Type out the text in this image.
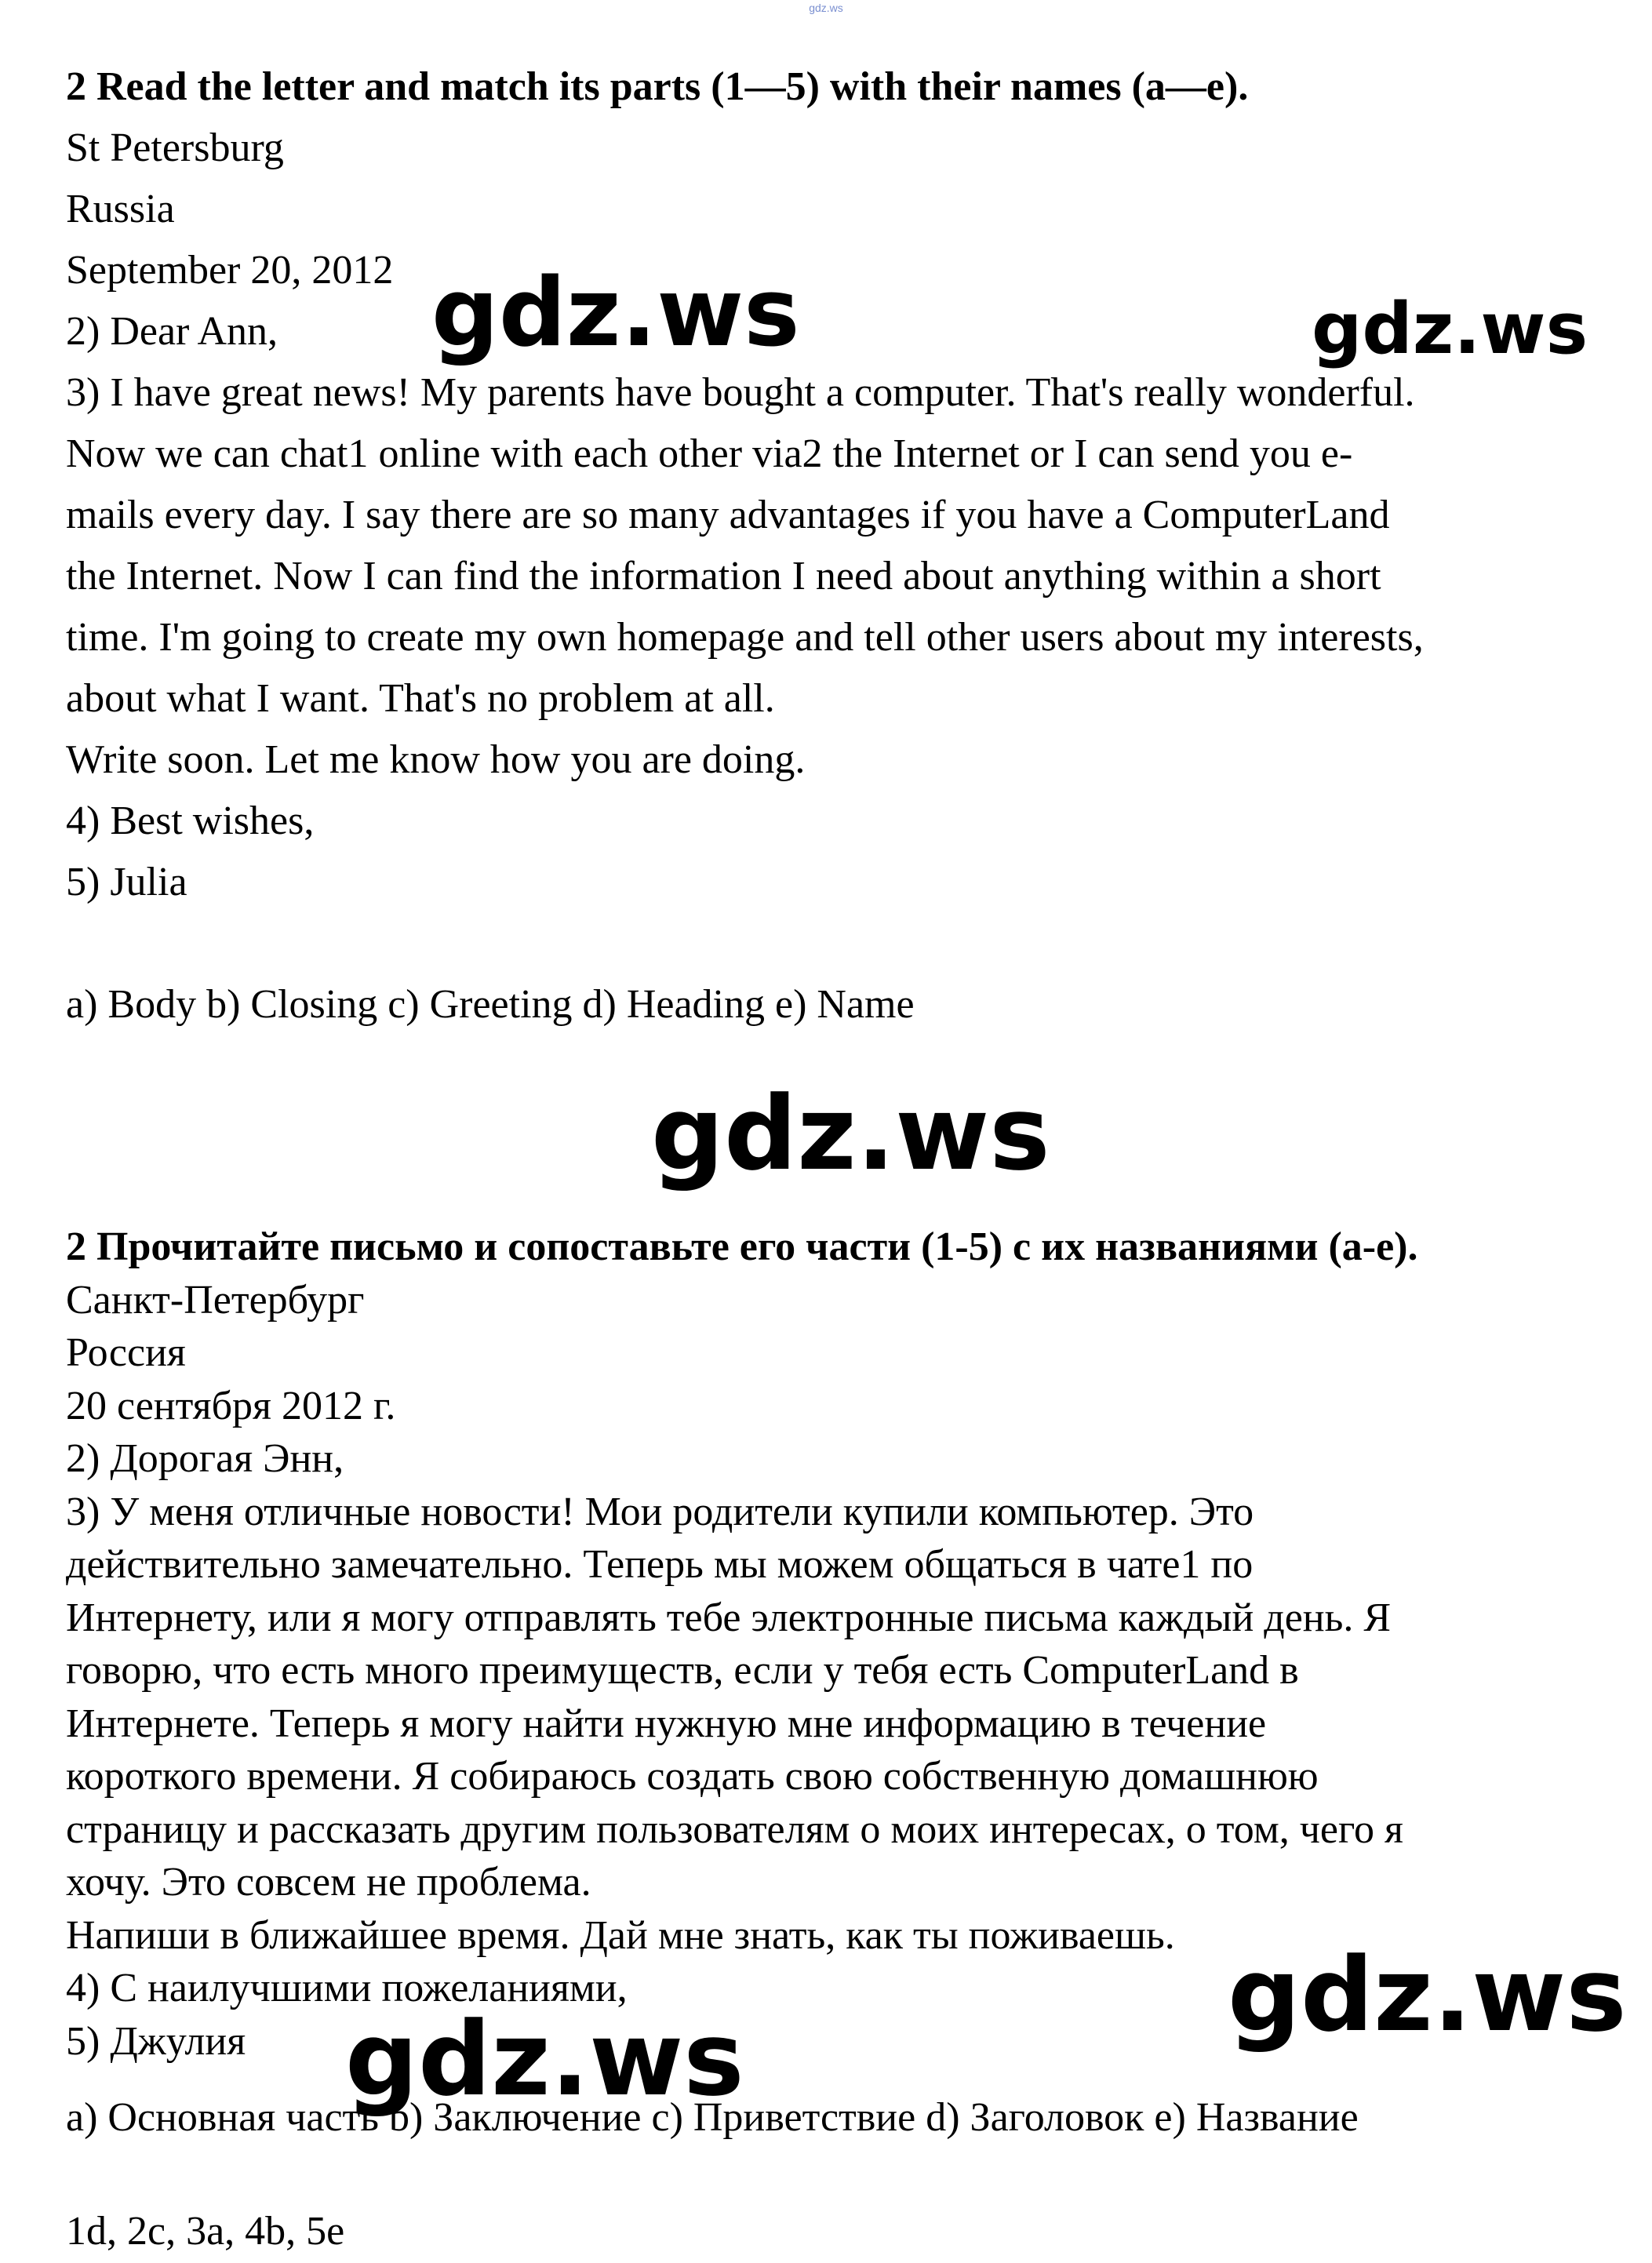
gdz.ws
2 Read the letter and match its parts (1—5) with their names (a—e).
St Petersburg
Russia
September 20, 2012
2) Dear Ann,
3) I have great news! My parents have bought a computer. That's really wonderful.
Now we can chat1 online with each other via2 the Internet or I can send you e-
mails every day. I say there are so many advantages if you have a ComputerLand
the Internet. Now I can find the information I need about anything within a short
time. I'm going to create my own homepage and tell other users about my interests,
about what I want. That's no problem at all.
Write soon. Let me know how you are doing.
4) Best wishes,
5) Julia
a) Body b) Closing c) Greeting d) Heading e) Name
2 Прочитайте письмо и сопоставьте его части (1-5) с их названиями (а-е).
Санкт-Петербург
Россия
20 сентября 2012 г.
2) Дорогая Энн,
3) У меня отличные новости! Мои родители купили компьютер. Это
действительно замечательно. Теперь мы можем общаться в чате1 по
Интернету, или я могу отправлять тебе электронные письма каждый день. Я
говорю, что есть много преимуществ, если у тебя есть ComputerLand в
Интернете. Теперь я могу найти нужную мне информацию в течение
короткого времени. Я собираюсь создать свою собственную домашнюю
страницу и рассказать другим пользователям о моих интересах, о том, чего я
хочу. Это совсем не проблема.
Напиши в ближайшее время. Дай мне знать, как ты поживаешь.
4) С наилучшими пожеланиями,
5) Джулия
а) Основная часть b) Заключение c) Приветствие d) Заголовок e) Название
1d, 2c, 3a, 4b, 5e
gdz.ws	gdz.ws
gdz.ws
gdz.ws
gdz.ws
